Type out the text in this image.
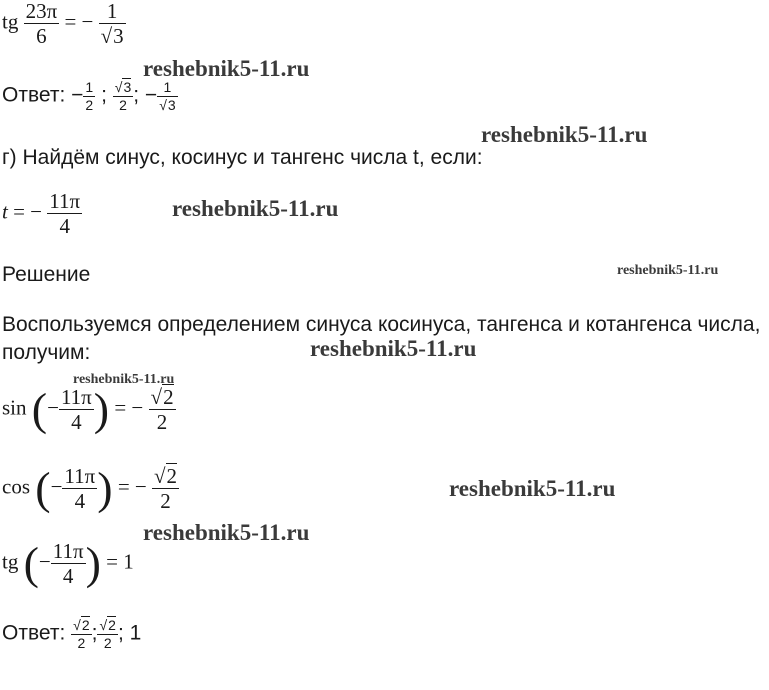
tg $\frac{23\pi}{6}$ = − $\frac{1}{√3}$
reshebnik5-11.ru
Ответ: − $\frac{1}{2}$ ; $\frac{√3}{2}$ ; − $\frac{1}{√3}$
reshebnik5-11.ru
г) Найдём синус, косинус и тангенс числа t, если:
t = − $\frac{11\pi}{4}$	reshebnik5-11.ru
Решение	reshebnik5-11.ru
Воспользуемся определением синуса косинуса, тангенса и котангенса числа,
получим:	reshebnik5-11.ru
reshebnik5-11.ru
sin (− $\frac{11\pi}{4}$ ) = − $\frac{√2}{2}$
cos (− $\frac{11\pi}{4}$ ) = − $\frac{√2}{2}$	reshebnik5-11.ru
reshebnik5-11.ru
tg (− $\frac{11\pi}{4}$ ) = 1
Ответ: $\frac{√2}{2}$ ; $\frac{√2}{2}$ ; 1
